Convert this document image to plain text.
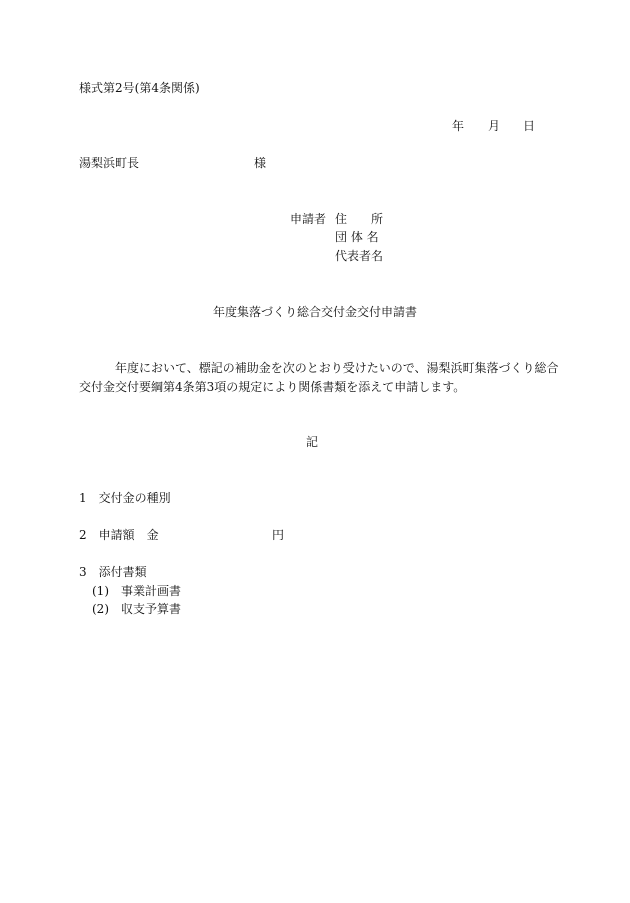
様式第2号(第4条関係)
年 月 日
湯梨浜町長	様
申請者 住　　所
団 体 名
代表者名
年度集落づくり総合交付金交付申請書
年度において、標記の補助金を次のとおり受けたいので、湯梨浜町集落づくり総合
交付金交付要綱第4条第3項の規定により関係書類を添えて申請します。
記
1　交付金の種別
2　申請額　金	円
3　添付書類
(1)　事業計画書
(2)　収支予算書
